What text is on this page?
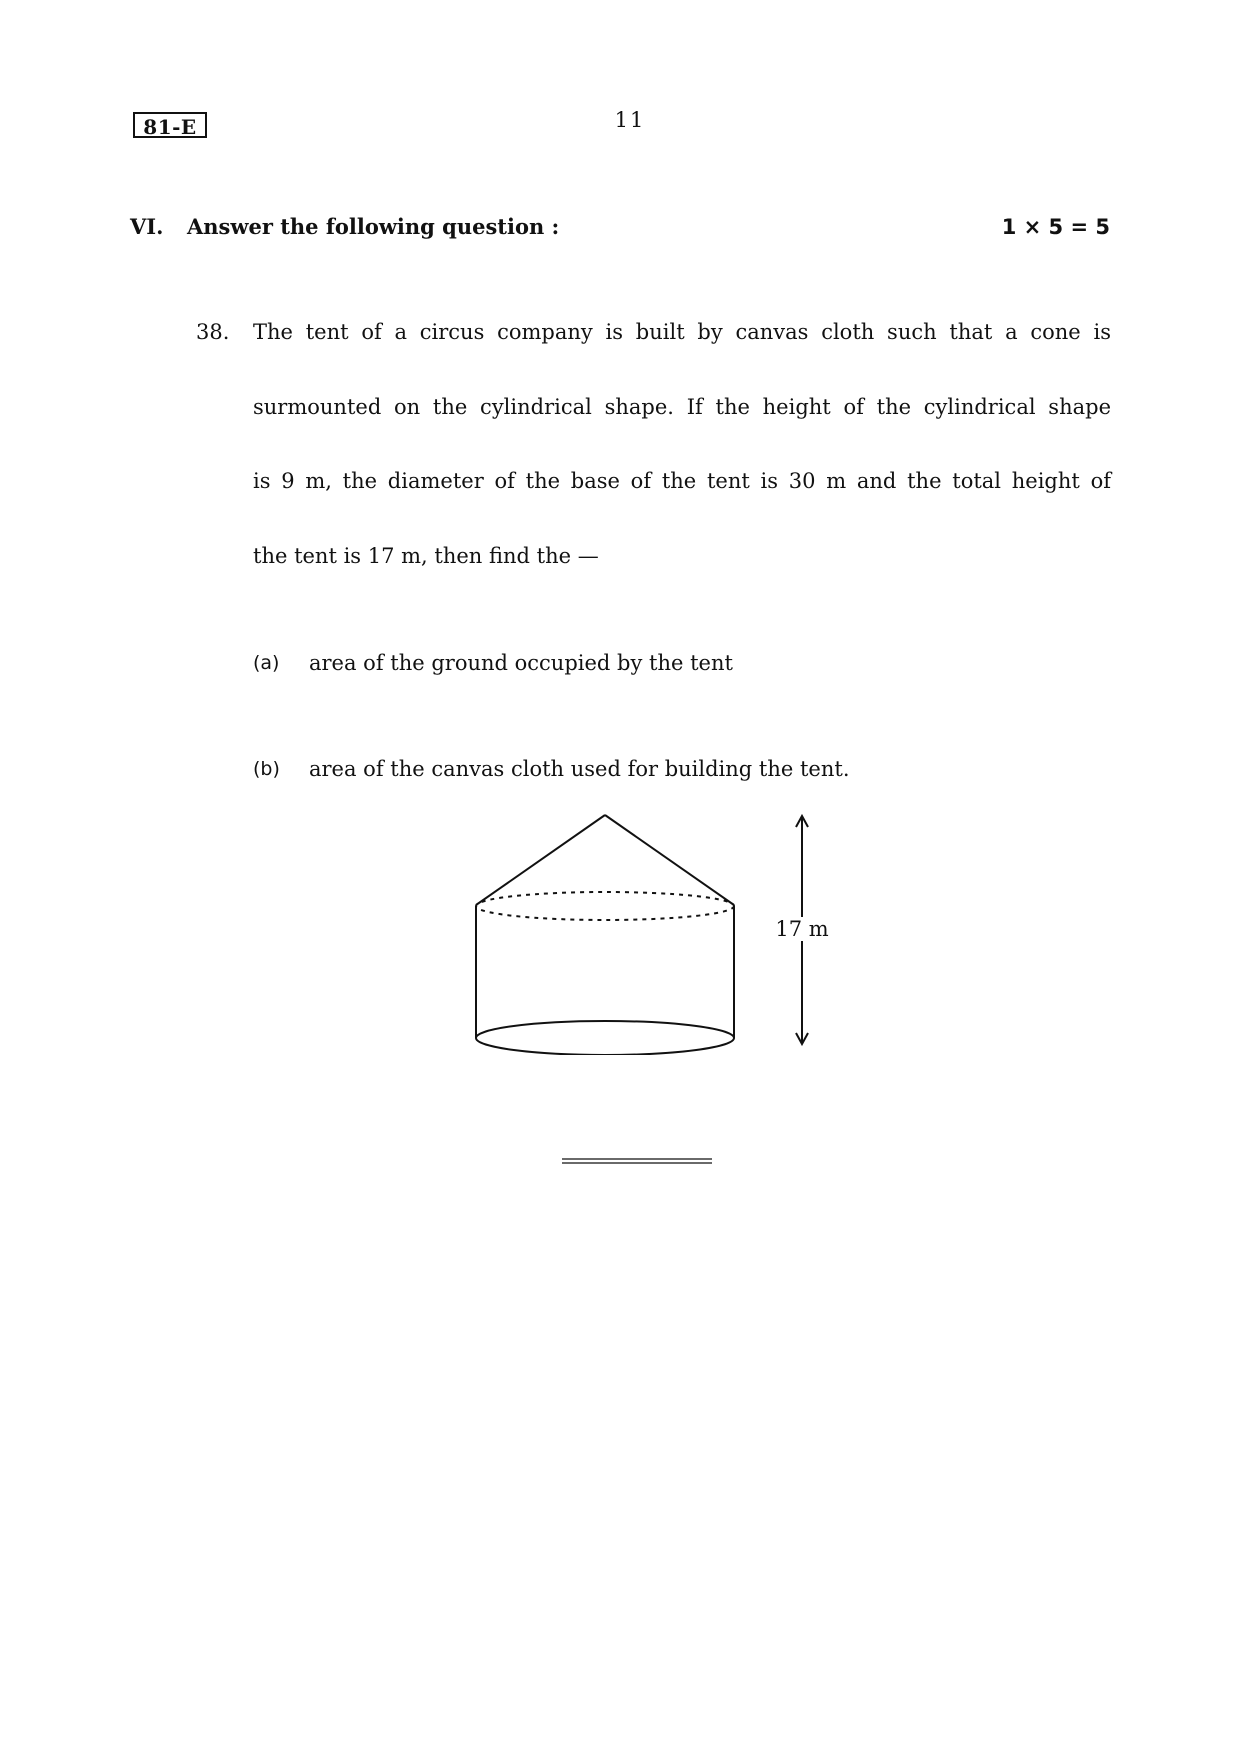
81-E	11
VI. Answer the following question :	1 × 5 = 5
38. The tent of a circus company is built by canvas cloth such that a cone is
surmounted on the cylindrical shape. If the height of the cylindrical shape
is 9 m, the diameter of the base of the tent is 30 m and the total height of
the tent is 17 m, then find the —
(a) area of the ground occupied by the tent
(b) area of the canvas cloth used for building the tent.
17 m
